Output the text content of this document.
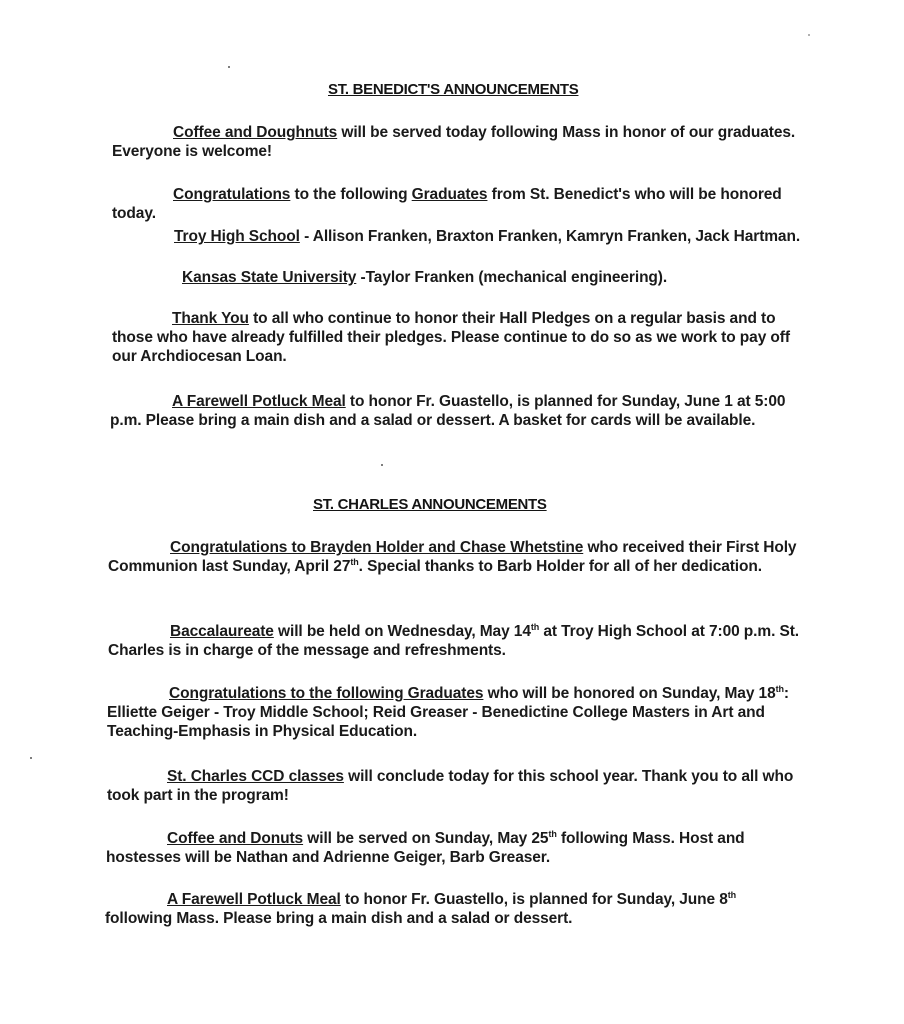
ST. BENEDICT'S ANNOUNCEMENTS
Coffee and Doughnuts will be served today following Mass in honor of our graduates. Everyone is welcome!
Congratulations to the following Graduates from St. Benedict's who will be honored today.
Troy High School - Allison Franken, Braxton Franken, Kamryn Franken, Jack Hartman.
Kansas State University -Taylor Franken (mechanical engineering).
Thank You to all who continue to honor their Hall Pledges on a regular basis and to those who have already fulfilled their pledges. Please continue to do so as we work to pay off our Archdiocesan Loan.
A Farewell Potluck Meal to honor Fr. Guastello, is planned for Sunday, June 1 at 5:00 p.m. Please bring a main dish and a salad or dessert. A basket for cards will be available.
ST. CHARLES ANNOUNCEMENTS
Congratulations to Brayden Holder and Chase Whetstine who received their First Holy Communion last Sunday, April 27th. Special thanks to Barb Holder for all of her dedication.
Baccalaureate will be held on Wednesday, May 14th at Troy High School at 7:00 p.m. St. Charles is in charge of the message and refreshments.
Congratulations to the following Graduates who will be honored on Sunday, May 18th: Elliette Geiger - Troy Middle School; Reid Greaser - Benedictine College Masters in Art and Teaching-Emphasis in Physical Education.
St. Charles CCD classes will conclude today for this school year. Thank you to all who took part in the program!
Coffee and Donuts will be served on Sunday, May 25th following Mass. Host and hostesses will be Nathan and Adrienne Geiger, Barb Greaser.
A Farewell Potluck Meal to honor Fr. Guastello, is planned for Sunday, June 8th following Mass. Please bring a main dish and a salad or dessert.
